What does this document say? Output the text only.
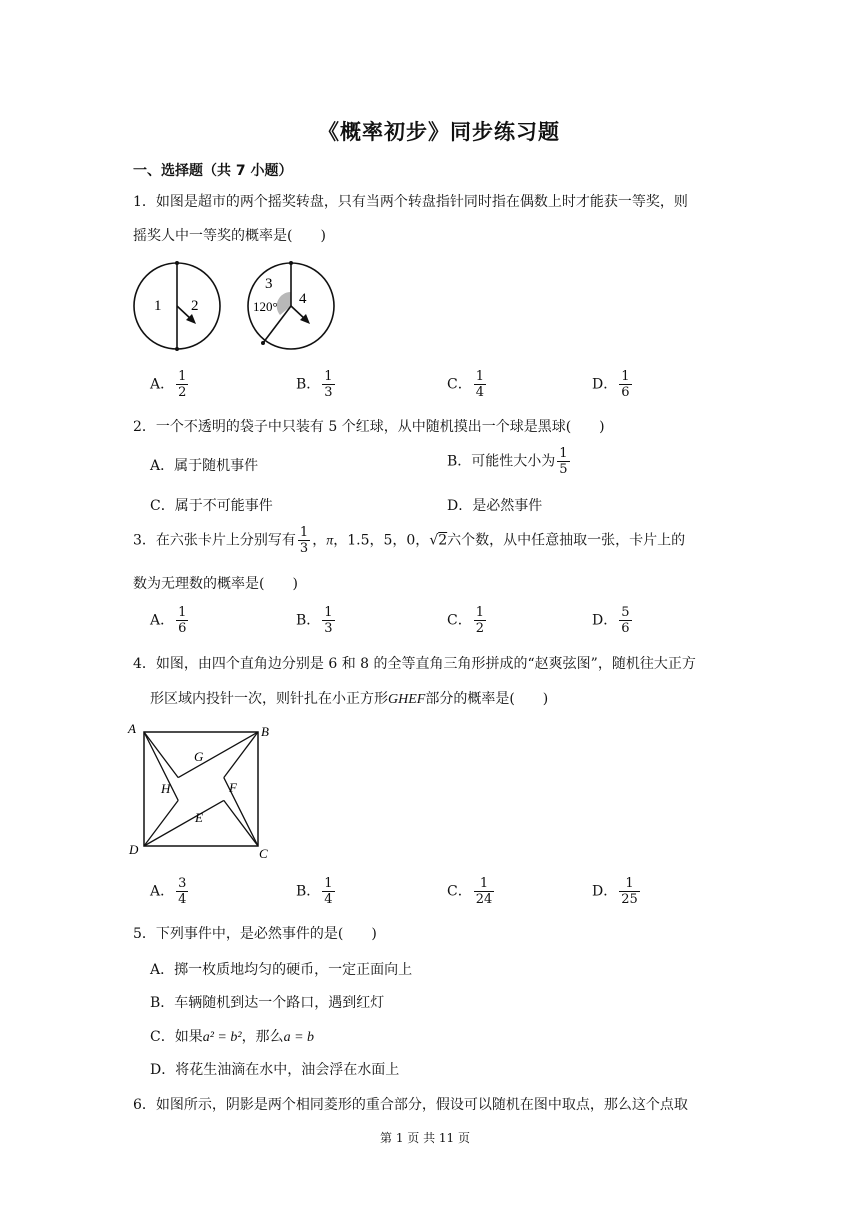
《概率初步》同步练习题
一、选择题（共 7 小题）
1．如图是超市的两个摇奖转盘，只有当两个转盘指针同时指在偶数上时才能获一等奖，则
摇奖人中一等奖的概率是(　　)
1 2
3
4
120°
A． $\frac{1}{2}$	B． $\frac{1}{3}$	C． $\frac{1}{4}$	D． $\frac{1}{6}$
2．一个不透明的袋子中只装有 5 个红球，从中随机摸出一个球是黑球(　　)
A．属于随机事件	B．可能性大小为 $\frac{1}{5}$
C．属于不可能事件	D．是必然事件
3．在六张卡片上分别写有 $\frac{1}{3}$ ，π，1.5，5，0，√2六个数，从中任意抽取一张，卡片上的
数为无理数的概率是(　　)
A． $\frac{1}{6}$	B． $\frac{1}{3}$	C． $\frac{1}{2}$	D． $\frac{5}{6}$
4．如图，由四个直角边分别是 6 和 8 的全等直角三角形拼成的“赵爽弦图”，随机往大正方
形区域内投针一次，则针扎在小正方形GHEF部分的概率是(　　)
A	B
C
D
G
H	F
E
A． $\frac{3}{4}$	B． $\frac{1}{4}$	C． $\frac{1}{24}$	D． $\frac{1}{25}$
5．下列事件中，是必然事件的是(　　)
A．掷一枚质地均匀的硬币，一定正面向上
B．车辆随机到达一个路口，遇到红灯
C．如果a² = b²，那么a = b
D．将花生油滴在水中，油会浮在水面上
6．如图所示，阴影是两个相同菱形的重合部分，假设可以随机在图中取点，那么这个点取
第 1 页 共 11 页
